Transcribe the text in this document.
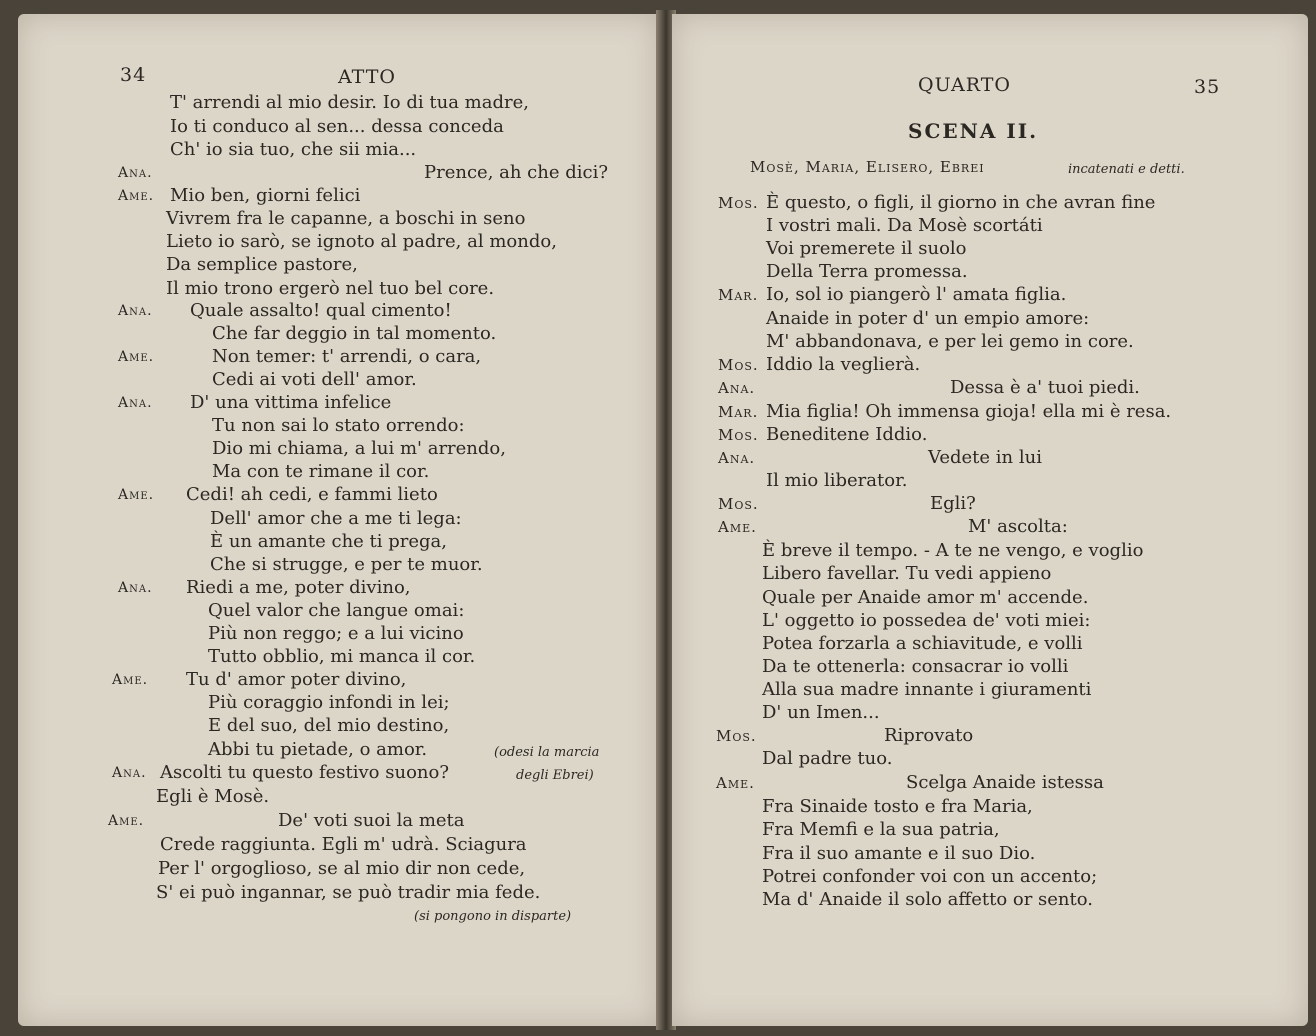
34	ATTO
T' arrendi al mio desir. Io di tua madre,
Io ti conduco al sen... dessa conceda
Ch' io sia tuo, che sii mia...
Ana.	Prence, ah che dici?
Ame. Mio ben, giorni felici
Vivrem fra le capanne, a boschi in seno
Lieto io sarò, se ignoto al padre, al mondo,
Da semplice pastore,
Il mio trono ergerò nel tuo bel core.
Ana. Quale assalto! qual cimento!
Che far deggio in tal momento.
Ame.	Non temer: t' arrendi, o cara,
Cedi ai voti dell' amor.
Ana. D' una vittima infelice
Tu non sai lo stato orrendo:
Dio mi chiama, a lui m' arrendo,
Ma con te rimane il cor.
Ame. Cedi! ah cedi, e fammi lieto
Dell' amor che a me ti lega:
È un amante che ti prega,
Che si strugge, e per te muor.
Ana. Riedi a me, poter divino,
Quel valor che langue omai:
Più non reggo; e a lui vicino
Tutto obblio, mi manca il cor.
Ame. Tu d' amor poter divino,
Più coraggio infondi in lei;
E del suo, del mio destino,
Abbi tu pietade, o amor.	(odesi la marcia
Ana. Ascolti tu questo festivo suono?	degli Ebrei)
Egli è Mosè.
Ame.	De' voti suoi la meta
Crede raggiunta. Egli m' udrà. Sciagura
Per l' orgoglioso, se al mio dir non cede,
S' ei può ingannar, se può tradir mia fede.
(si pongono in disparte)
QUARTO	35
SCENA II.
Mosè, Maria, Elisero, Ebrei	incatenati e detti.
Mos. È questo, o figli, il giorno in che avran fine
I vostri mali. Da Mosè scortáti
Voi premerete il suolo
Della Terra promessa.
Mar. Io, sol io piangerò l' amata figlia.
Anaide in poter d' un empio amore:
M' abbandonava, e per lei gemo in core.
Mos. Iddio la veglierà.
Ana.	Dessa è a' tuoi piedi.
Mar. Mia figlia! Oh immensa gioja! ella mi è resa.
Mos. Beneditene Iddio.
Ana.	Vedete in lui
Il mio liberator.
Mos.	Egli?
Ame.	M' ascolta:
È breve il tempo. - A te ne vengo, e voglio
Libero favellar. Tu vedi appieno
Quale per Anaide amor m' accende.
L' oggetto io possedea de' voti miei:
Potea forzarla a schiavitude, e volli
Da te ottenerla: consacrar io volli
Alla sua madre innante i giuramenti
D' un Imen...
Mos.	Riprovato
Dal padre tuo.
Ame.	Scelga Anaide istessa
Fra Sinaide tosto e fra Maria,
Fra Memfi e la sua patria,
Fra il suo amante e il suo Dio.
Potrei confonder voi con un accento;
Ma d' Anaide il solo affetto or sento.
